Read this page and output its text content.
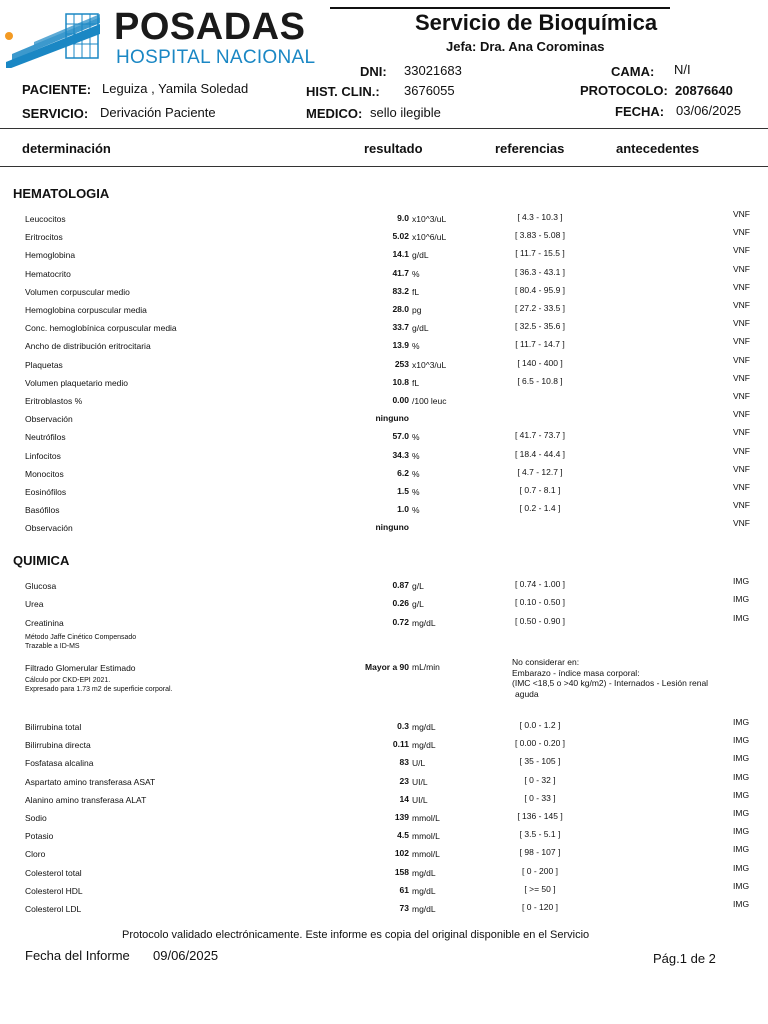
POSADAS
HOSPITAL NACIONAL
Servicio de Bioquímica
Jefa: Dra. Ana Corominas
DNI: 33021683	CAMA: N/I
PACIENTE: Leguiza , Yamila Soledad	HIST. CLIN.: 3676055	PROTOCOLO: 20876640
SERVICIO: Derivación Paciente	MEDICO: sello ilegible	FECHA: 03/06/2025
determinación	resultado	referencias	antecedentes
HEMATOLOGIA
Leucocitos	9.0 x10^3/uL	[ 4.3 - 10.3 ]	VNF
Eritrocitos	5.02 x10^6/uL	[ 3.83 - 5.08 ]	VNF
Hemoglobina	14.1 g/dL	[ 11.7 - 15.5 ]	VNF
Hematocrito	41.7 %	[ 36.3 - 43.1 ]	VNF
Volumen corpuscular medio	83.2 fL	[ 80.4 - 95.9 ]	VNF
Hemoglobina corpuscular media	28.0 pg	[ 27.2 - 33.5 ]	VNF
Conc. hemoglobínica corpuscular media	33.7 g/dL	[ 32.5 - 35.6 ]	VNF
Ancho de distribución eritrocitaria	13.9 %	[ 11.7 - 14.7 ]	VNF
Plaquetas	253 x10^3/uL	[ 140 - 400 ]	VNF
Volumen plaquetario medio	10.8 fL	[ 6.5 - 10.8 ]	VNF
Eritroblastos %	0.00 /100 leuc	VNF
Observación	ninguno	VNF
Neutrófilos	57.0 %	[ 41.7 - 73.7 ]	VNF
Linfocitos	34.3 %	[ 18.4 - 44.4 ]	VNF
Monocitos	6.2 %	[ 4.7 - 12.7 ]	VNF
Eosinófilos	1.5 %	[ 0.7 - 8.1 ]	VNF
Basófilos	1.0 %	[ 0.2 - 1.4 ]	VNF
Observación	ninguno	VNF
QUIMICA
Glucosa	0.87 g/L	[ 0.74 - 1.00 ]	IMG
Urea	0.26 g/L	[ 0.10 - 0.50 ]	IMG
Creatinina	0.72 mg/dL	[ 0.50 - 0.90 ]	IMG
Método Jaffe Cinético Compensado
Trazable a ID-MS
Filtrado Glomerular Estimado	Mayor a 90 mL/min
Cálculo por CKD-EPI 2021.
Expresado para 1.73 m2 de superficie corporal.
No considerar en:
Embarazo - índice masa corporal:
(IMC <18,5 o >40 kg/m2) - Internados - Lesión renal
aguda
Bilirrubina total	0.3 mg/dL	[ 0.0 - 1.2 ]	IMG
Bilirrubina directa	0.11 mg/dL	[ 0.00 - 0.20 ]	IMG
Fosfatasa alcalina	83 U/L	[ 35 - 105 ]	IMG
Aspartato amino transferasa ASAT	23 UI/L	[ 0 - 32 ]	IMG
Alanino amino transferasa ALAT	14 UI/L	[ 0 - 33 ]	IMG
Sodio	139 mmol/L	[ 136 - 145 ]	IMG
Potasio	4.5 mmol/L	[ 3.5 - 5.1 ]	IMG
Cloro	102 mmol/L	[ 98 - 107 ]	IMG
Colesterol total	158 mg/dL	[ 0 - 200 ]	IMG
Colesterol HDL	61 mg/dL	[ >= 50 ]	IMG
Colesterol LDL	73 mg/dL	[ 0 - 120 ]	IMG
Protocolo validado electrónicamente. Este informe es copia del original disponible en el Servicio
Fecha del Informe 09/06/2025	Pág.1 de 2
